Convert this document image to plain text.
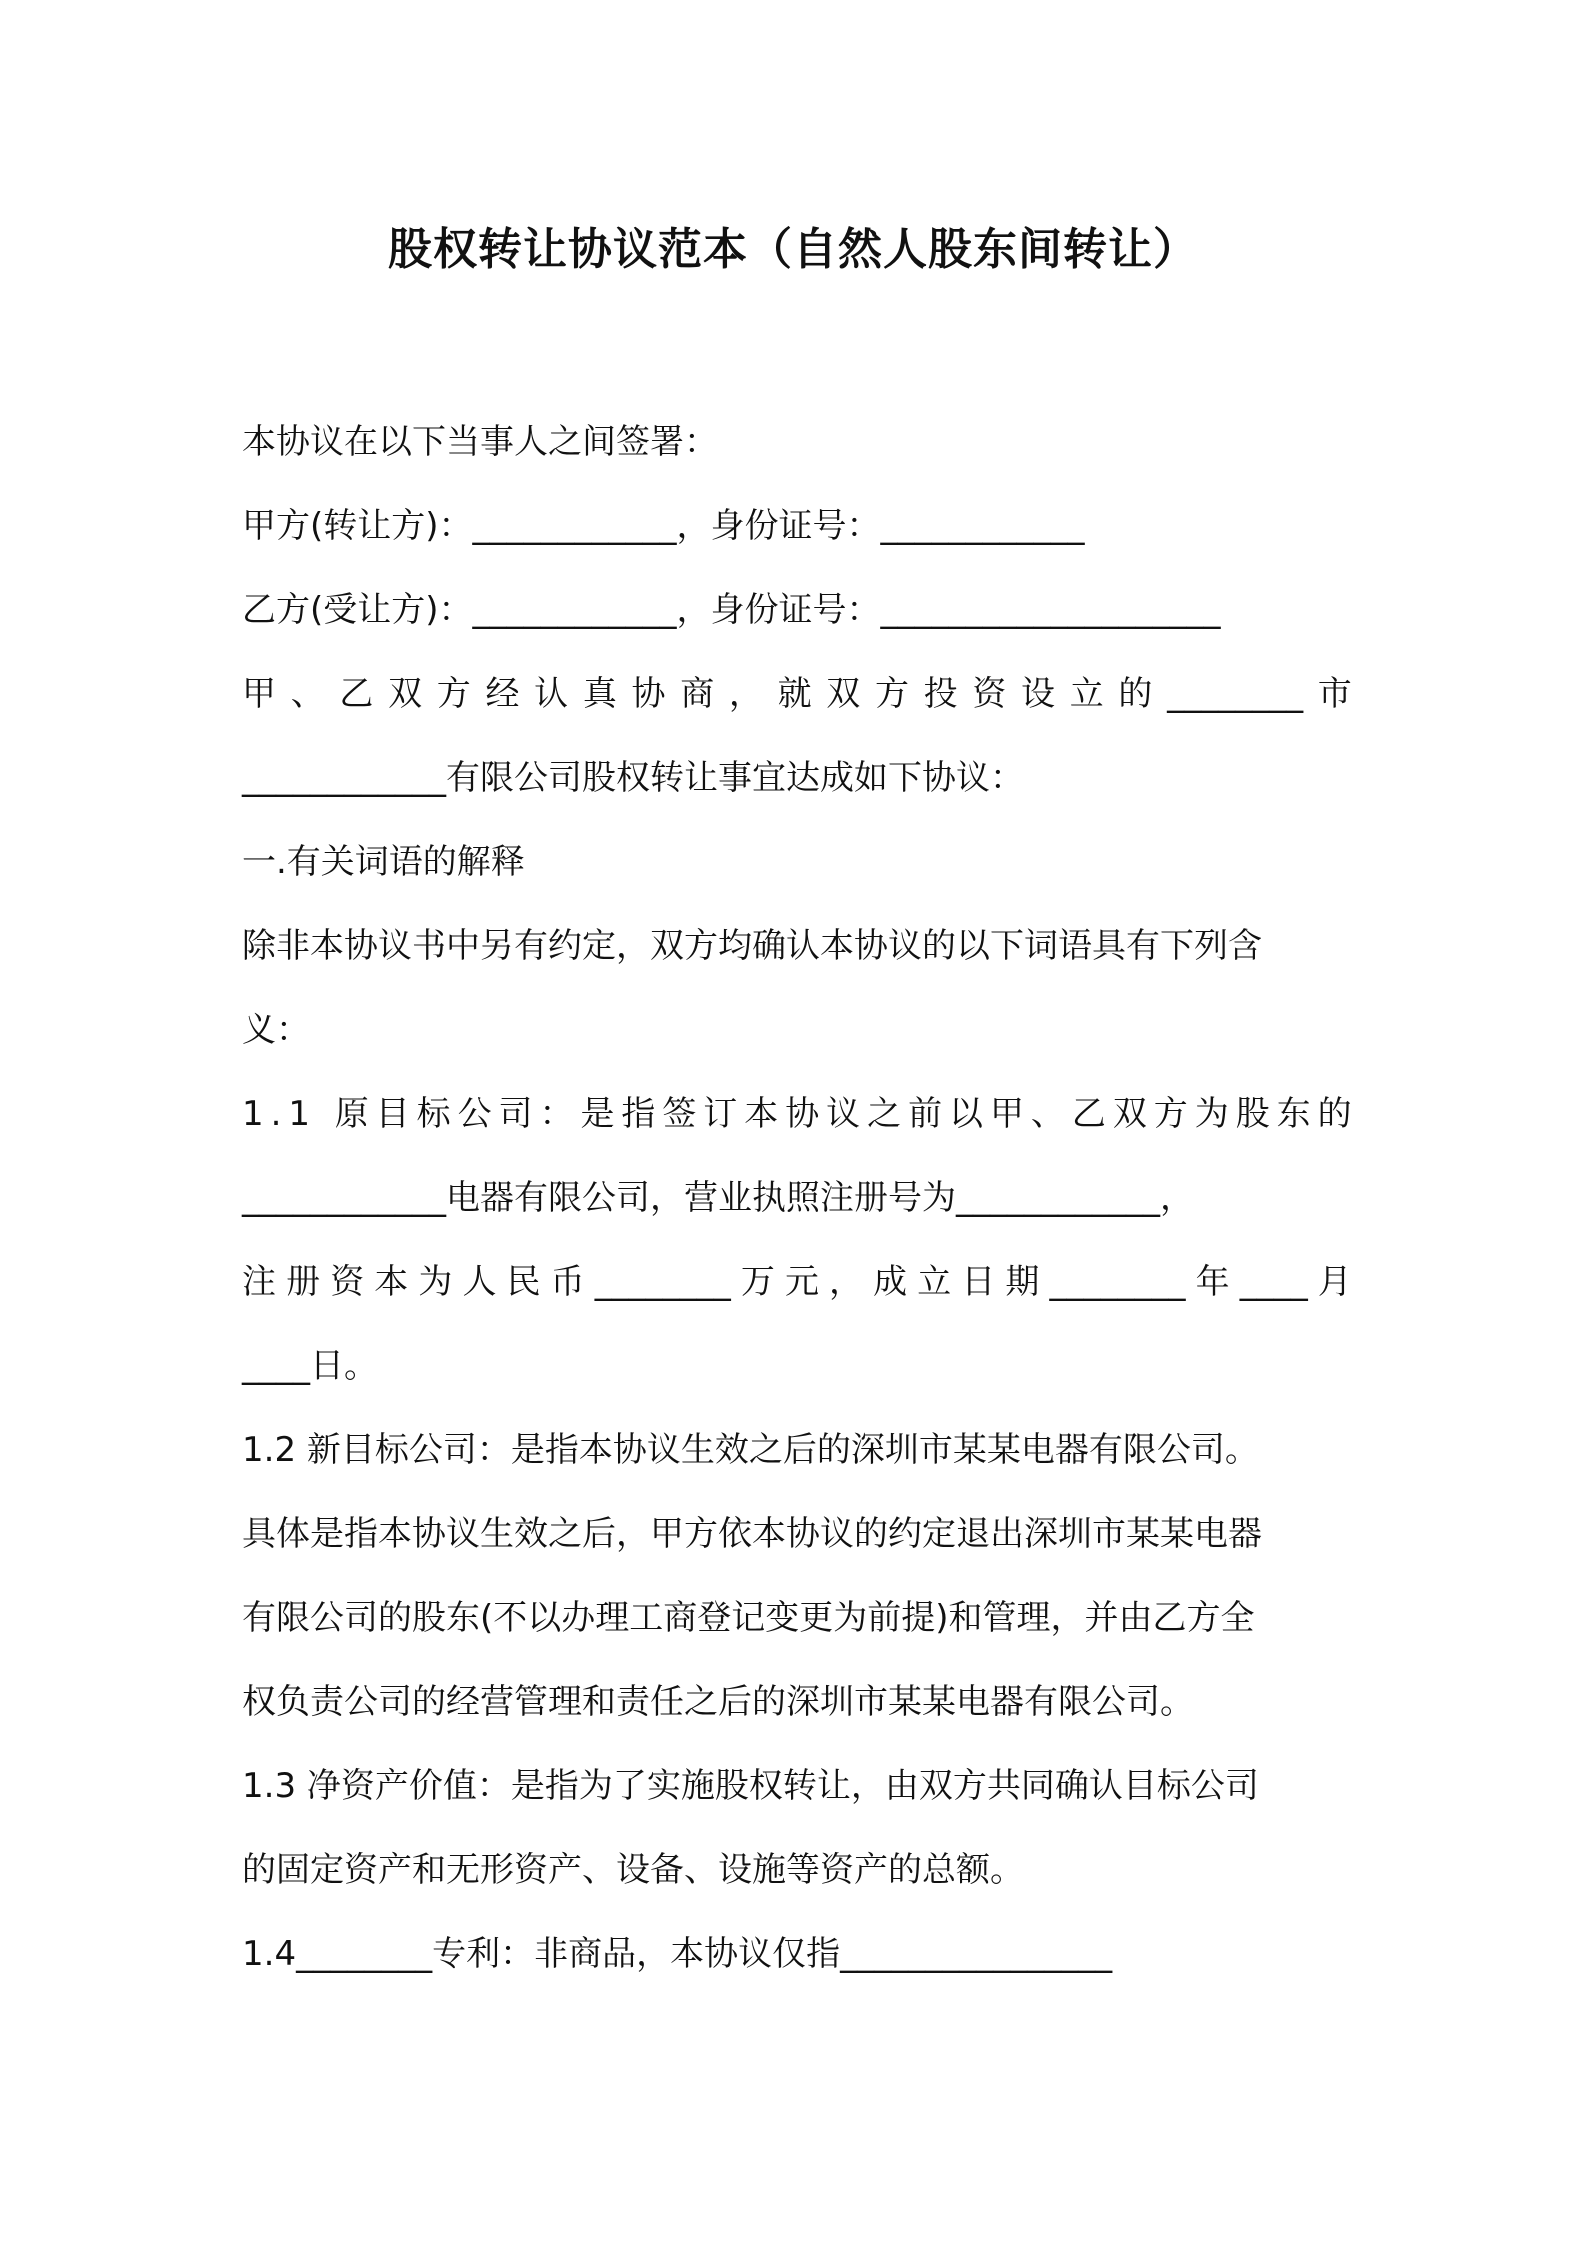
股权转让协议范本（自然人股东间转让）
本协议在以下当事人之间签署：
甲方(转让方)：____________，身份证号：____________
乙方(受让方)：____________，身份证号：____________________
甲 、 乙 双 方 经 认 真 协 商 ， 就 双 方 投 资 设 立 的 ________ 市
____________有限公司股权转让事宜达成如下协议：
一.有关词语的解释
除非本协议书中另有约定，双方均确认本协议的以下词语具有下列含
义：
1 . 1
原 目 标 公 司 ： 是 指 签 订 本 协 议 之 前 以 甲 、 乙 双 方 为 股 东 的
____________电器有限公司，营业执照注册号为____________，
注 册 资 本 为 人 民 币 ________ 万 元 ， 成 立 日 期 ________ 年 ____ 月
____日。
1.2 新目标公司：是指本协议生效之后的深圳市某某电器有限公司。
具体是指本协议生效之后，甲方依本协议的约定退出深圳市某某电器
有限公司的股东(不以办理工商登记变更为前提)和管理，并由乙方全
权负责公司的经营管理和责任之后的深圳市某某电器有限公司。
1.3 净资产价值：是指为了实施股权转让，由双方共同确认目标公司
的固定资产和无形资产、设备、设施等资产的总额。
1.4________专利：非商品，本协议仅指________________
